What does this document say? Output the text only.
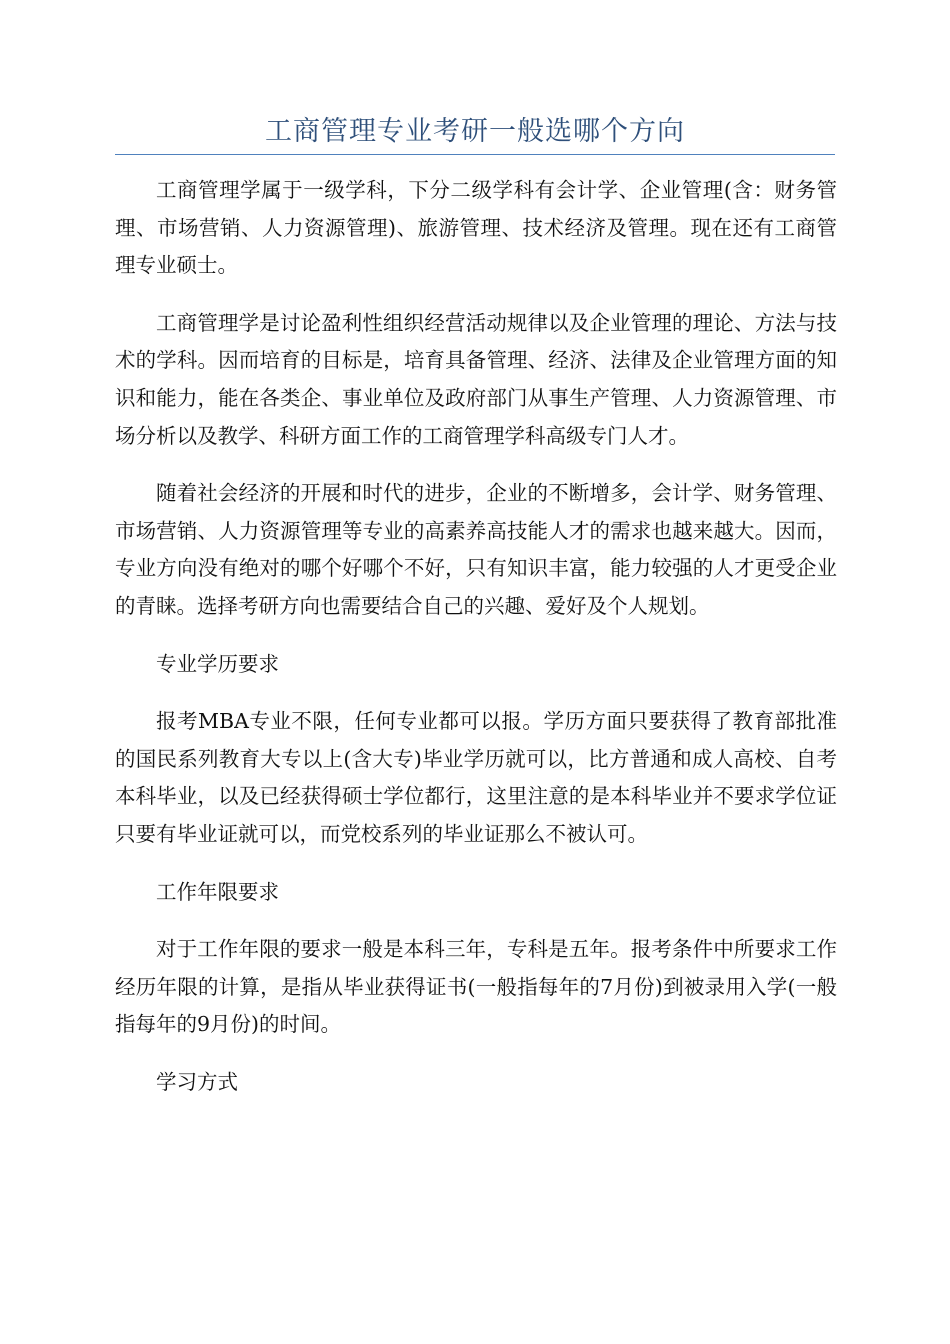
工商管理专业考研一般选哪个方向

工商管理学属于一级学科，下分二级学科有会计学、企业管理(含：财务管理、市场营销、人力资源管理)、旅游管理、技术经济及管理。现在还有工商管理专业硕士。

工商管理学是讨论盈利性组织经营活动规律以及企业管理的理论、方法与技术的学科。因而培育的目标是，培育具备管理、经济、法律及企业管理方面的知识和能力，能在各类企、事业单位及政府部门从事生产管理、人力资源管理、市场分析以及教学、科研方面工作的工商管理学科高级专门人才。

随着社会经济的开展和时代的进步，企业的不断增多，会计学、财务管理、市场营销、人力资源管理等专业的高素养高技能人才的需求也越来越大。因而，专业方向没有绝对的哪个好哪个不好，只有知识丰富，能力较强的人才更受企业的青睐。选择考研方向也需要结合自己的兴趣、爱好及个人规划。

专业学历要求

报考MBA专业不限，任何专业都可以报。学历方面只要获得了教育部批准的国民系列教育大专以上(含大专)毕业学历就可以，比方普通和成人高校、自考本科毕业，以及已经获得硕士学位都行，这里注意的是本科毕业并不要求学位证只要有毕业证就可以，而党校系列的毕业证那么不被认可。

工作年限要求

对于工作年限的要求一般是本科三年，专科是五年。报考条件中所要求工作经历年限的计算，是指从毕业获得证书(一般指每年的7月份)到被录用入学(一般指每年的9月份)的时间。

学习方式
